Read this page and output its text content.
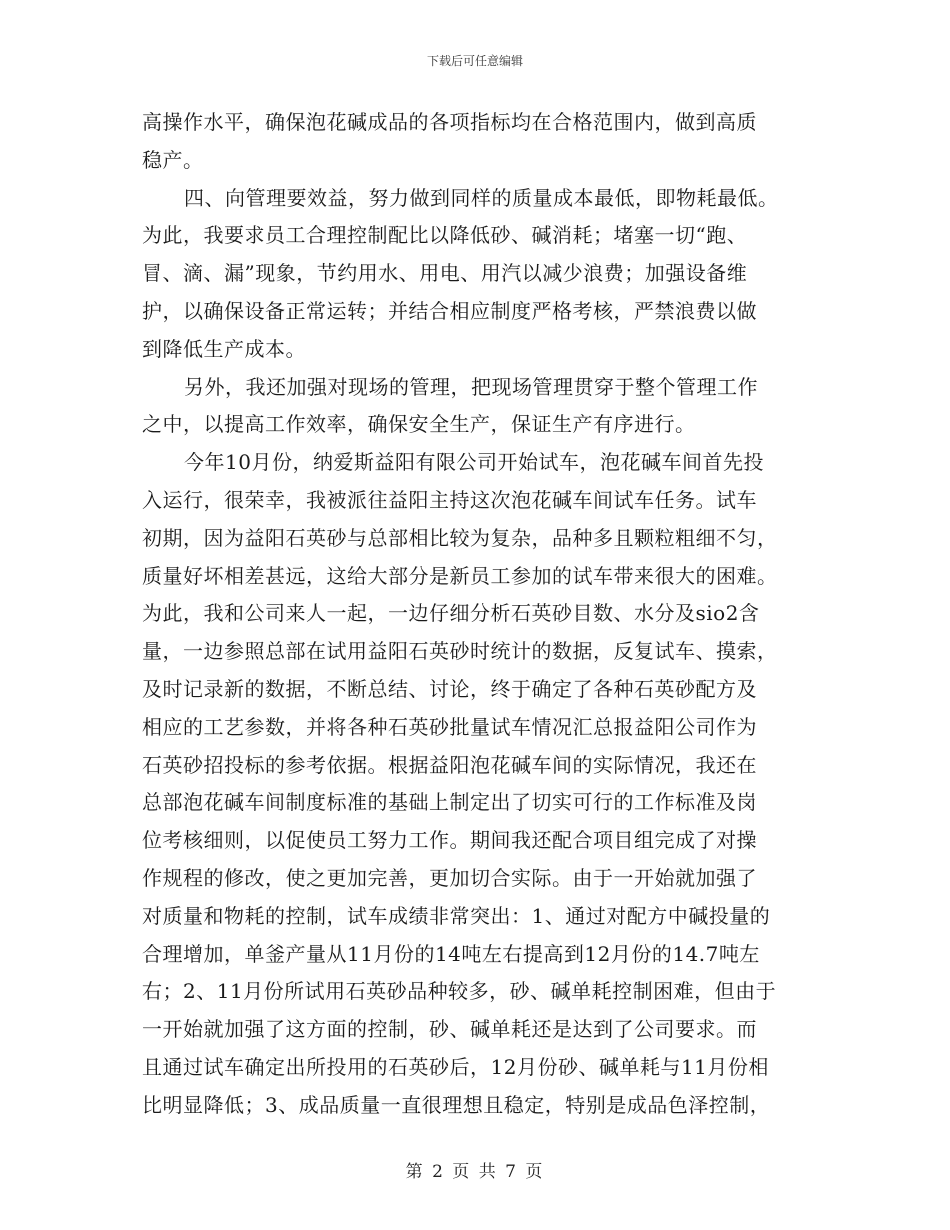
下载后可任意编辑

高操作水平，确保泡花碱成品的各项指标均在合格范围内，做到高质
稳产。

四、向管理要效益，努力做到同样的质量成本最低，即物耗最低。
为此，我要求员工合理控制配比以降低砂、碱消耗；堵塞一切“跑、
冒、滴、漏”现象，节约用水、用电、用汽以减少浪费；加强设备维
护，以确保设备正常运转；并结合相应制度严格考核，严禁浪费以做
到降低生产成本。

另外，我还加强对现场的管理，把现场管理贯穿于整个管理工作
之中，以提高工作效率，确保安全生产，保证生产有序进行。

今年10月份，纳爱斯益阳有限公司开始试车，泡花碱车间首先投
入运行，很荣幸，我被派往益阳主持这次泡花碱车间试车任务。试车
初期，因为益阳石英砂与总部相比较为复杂，品种多且颗粒粗细不匀，
质量好坏相差甚远，这给大部分是新员工参加的试车带来很大的困难。
为此，我和公司来人一起，一边仔细分析石英砂目数、水分及sio2含
量，一边参照总部在试用益阳石英砂时统计的数据，反复试车、摸索，
及时记录新的数据，不断总结、讨论，终于确定了各种石英砂配方及
相应的工艺参数，并将各种石英砂批量试车情况汇总报益阳公司作为
石英砂招投标的参考依据。根据益阳泡花碱车间的实际情况，我还在
总部泡花碱车间制度标准的基础上制定出了切实可行的工作标准及岗
位考核细则，以促使员工努力工作。期间我还配合项目组完成了对操
作规程的修改，使之更加完善，更加切合实际。由于一开始就加强了
对质量和物耗的控制，试车成绩非常突出：1、通过对配方中碱投量的
合理增加，单釜产量从11月份的14吨左右提高到12月份的14.7吨左
右；2、11月份所试用石英砂品种较多，砂、碱单耗控制困难，但由于
一开始就加强了这方面的控制，砂、碱单耗还是达到了公司要求。而
且通过试车确定出所投用的石英砂后，12月份砂、碱单耗与11月份相
比明显降低；3、成品质量一直很理想且稳定，特别是成品色泽控制，

第 2 页 共 7 页
